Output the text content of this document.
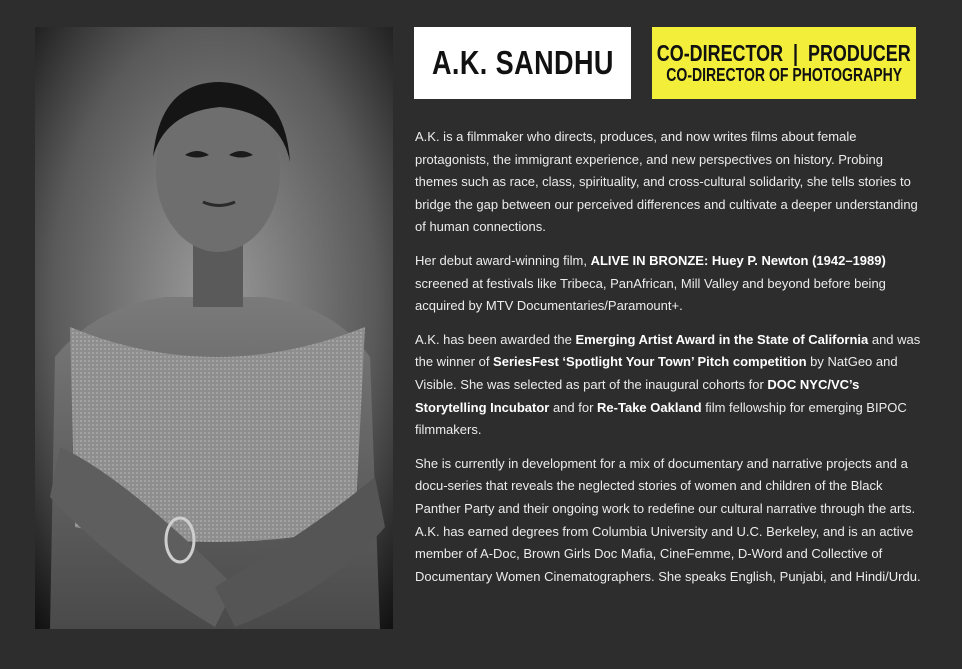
A.K. SANDHU CO-DIRECTOR  |  PRODUCER
CO-DIRECTOR OF PHOTOGRAPHY

A.K. is a filmmaker who directs, produces, and now writes films about female protagonists, the immigrant experience, and new perspectives on history. Probing themes such as race, class, spirituality, and cross-cultural solidarity, she tells stories to bridge the gap between our perceived differences and cultivate a deeper understanding of human connections.

Her debut award-winning film, ALIVE IN BRONZE: Huey P. Newton (1942–1989) screened at festivals like Tribeca, PanAfrican, Mill Valley and beyond before being acquired by MTV Documentaries/Paramount+.

A.K. has been awarded the Emerging Artist Award in the State of California and was the winner of SeriesFest ‘Spotlight Your Town’ Pitch competition by NatGeo and Visible. She was selected as part of the inaugural cohorts for DOC NYC/VC’s Storytelling Incubator and for Re-Take Oakland film fellowship for emerging BIPOC filmmakers.

She is currently in development for a mix of documentary and narrative projects and a docu-series that reveals the neglected stories of women and children of the Black Panther Party and their ongoing work to redefine our cultural narrative through the arts. A.K. has earned degrees from Columbia University and U.C. Berkeley, and is an active member of A-Doc, Brown Girls Doc Mafia, CineFemme, D-Word and Collective of Documentary Women Cinematographers. She speaks English, Punjabi, and Hindi/Urdu.
